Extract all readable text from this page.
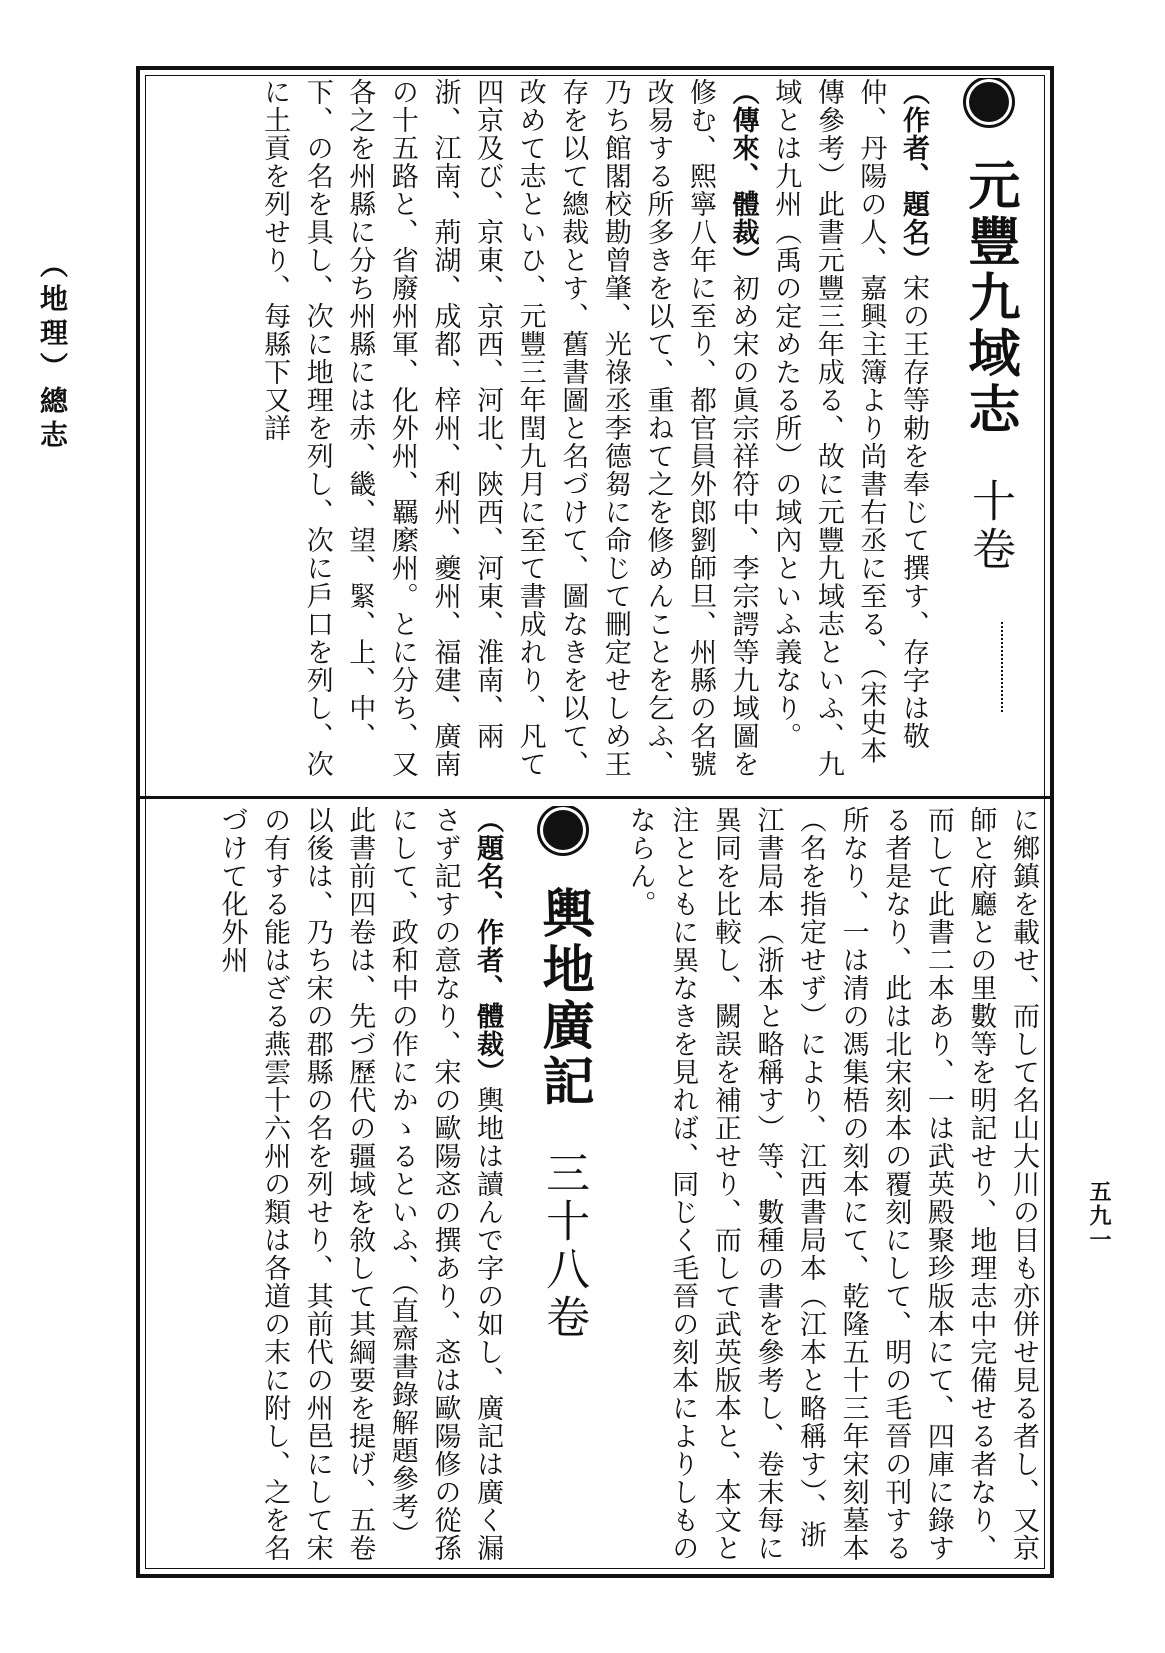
（地理）總志
五九一
元豐九域志 十卷
（作者、題名）宋の王存等勅を奉じて撰す、存字は敬仲、丹陽の人、嘉興主簿より尚書右丞に至る、（宋史本傳參考）此書元豐三年成る、故に元豐九域志といふ、九域とは九州（禹の定めたる所）の域內といふ義なり。
（傳來、體裁）初め宋の眞宗祥符中、李宗諤等九域圖を修む、熙寧八年に至り、都官員外郎劉師旦、州縣の名號改易する所多きを以て、重ねて之を修めんことを乞ふ、乃ち館閣校勘曾肇、光祿丞李德芻に命じて刪定せしめ王存を以て總裁とす、舊書圖と名づけて、圖なきを以て、改めて志といひ、元豐三年閏九月に至て書成れり、凡て
四京及び、京東、京西、河北、陝西、河東、淮南、兩浙、江南、荊湖、成都、梓州、利州、夔州、福建、廣南の十五路と、省廢州軍、化外州、羈縻州。とに分ち、又各之を州縣に分ち州縣には赤、畿、望、緊、上、中、下、の名を具し、次に地理を列し、次に戶口を列し、次に土貢を列せり、每縣下又詳
に鄉鎮を載せ、而して名山大川の目も亦併せ見る者し、又京師と府廳との里數等を明記せり、地理志中完備せる者なり、而して此書二本あり、一は武英殿聚珍版本にて、四庫に錄する者是なり、此は北宋刻本の覆刻にして、明の毛晉の刊する所なり、一は清の馮集梧の刻本にて、乾隆五十三年宋刻墓本（名を指定せず）により、江西書局本（江本と略稱す）、浙江書局本（浙本と略稱す）等、數種の書を參考し、卷末每に異同を比較し、闕誤を補正せり、而して武英版本と、本文と注とともに異なきを見れば、同じく毛晉の刻本によりしものならん。
輿地廣記 三十八卷
（題名、作者、體裁）輿地は讀んで字の如し、廣記は廣く漏さず記すの意なり、宋の歐陽忞の撰あり、忞は歐陽修の從孫にして、政和中の作にかゝるといふ、（直齋書錄解題參考）此書前四卷は、先づ歷代の疆域を敘して其綱要を提げ、五卷以後は、乃ち宋の郡縣の名を列せり、其前代の州邑にして宋の有する能はざる燕雲十六州の類は各道の末に附し、之を名づけて化外州
